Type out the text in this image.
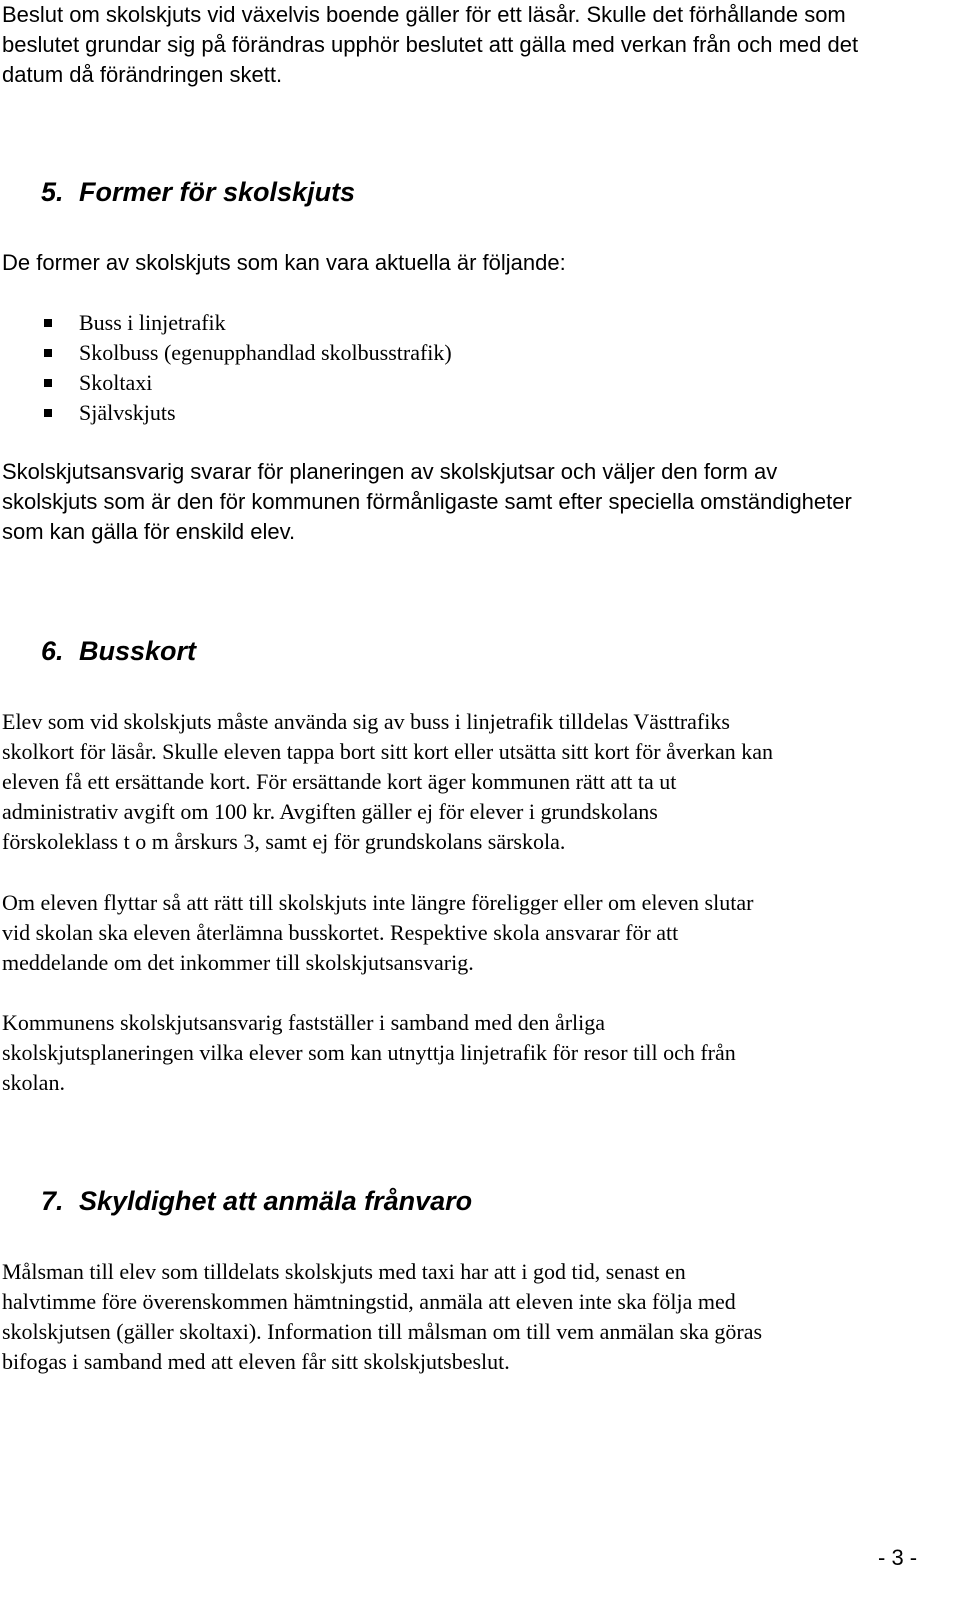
Beslut om skolskjuts vid växelvis boende gäller för ett läsår. Skulle det förhållande som
beslutet grundar sig på förändras upphör beslutet att gälla med verkan från och med det
datum då förändringen skett.

5. Former för skolskjuts

De former av skolskjuts som kan vara aktuella är följande:

Buss i linjetrafik
Skolbuss (egenupphandlad skolbusstrafik)
Skoltaxi
Självskjuts

Skolskjutsansvarig svarar för planeringen av skolskjutsar och väljer den form av
skolskjuts som är den för kommunen förmånligaste samt efter speciella omständigheter
som kan gälla för enskild elev.

6. Busskort

Elev som vid skolskjuts måste använda sig av buss i linjetrafik tilldelas Västtrafiks
skolkort för läsår. Skulle eleven tappa bort sitt kort eller utsätta sitt kort för åverkan kan
eleven få ett ersättande kort. För ersättande kort äger kommunen rätt att ta ut
administrativ avgift om 100 kr. Avgiften gäller ej för elever i grundskolans
förskoleklass t o m årskurs 3, samt ej för grundskolans särskola.

Om eleven flyttar så att rätt till skolskjuts inte längre föreligger eller om eleven slutar
vid skolan ska eleven återlämna busskortet. Respektive skola ansvarar för att
meddelande om det inkommer till skolskjutsansvarig.

Kommunens skolskjutsansvarig fastställer i samband med den årliga
skolskjutsplaneringen vilka elever som kan utnyttja linjetrafik för resor till och från
skolan.

7. Skyldighet att anmäla frånvaro

Målsman till elev som tilldelats skolskjuts med taxi har att i god tid, senast en
halvtimme före överenskommen hämtningstid, anmäla att eleven inte ska följa med
skolskjutsen (gäller skoltaxi). Information till målsman om till vem anmälan ska göras
bifogas i samband med att eleven får sitt skolskjutsbeslut.

- 3 -
